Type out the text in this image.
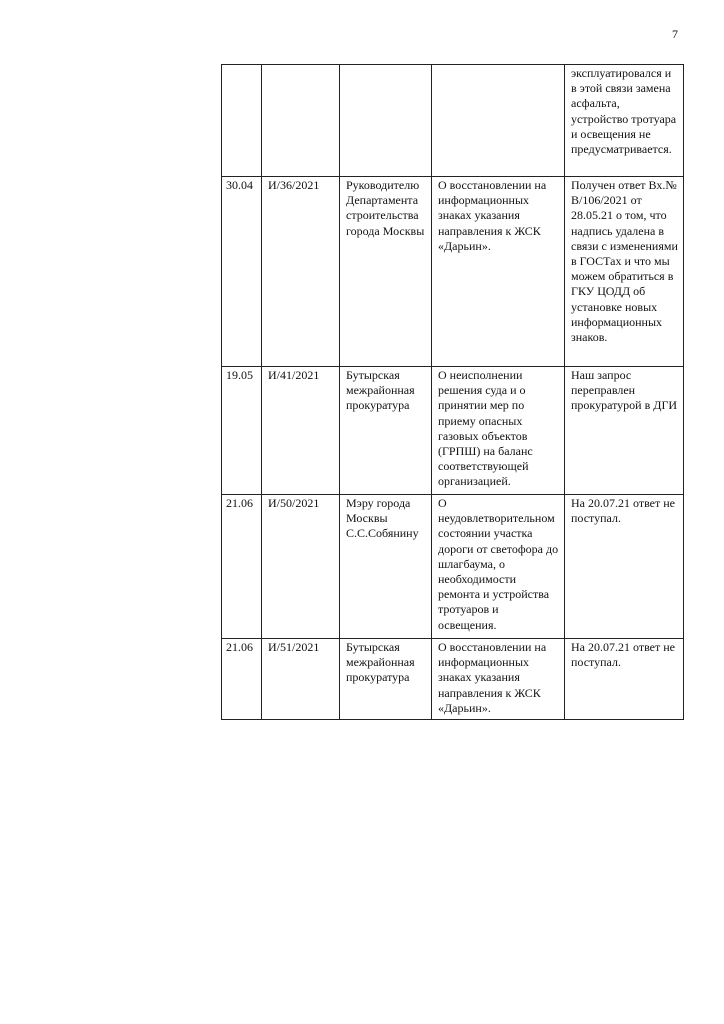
7
				эксплуатировался и в этой связи замена асфальта, устройство тротуара и освещения не предусматривается.
30.04	И/36/2021	Руководителю Департамента строительства города Москвы	О восстановлении на информационных знаках указания направления к ЖСК «Дарьин».	Получен ответ Вх.№ В/106/2021 от 28.05.21 о том, что надпись удалена в связи с изменениями в ГОСТах и что мы можем обратиться в ГКУ ЦОДД об установке новых информационных знаков.
19.05	И/41/2021	Бутырская межрайонная прокуратура	О неисполнении решения суда и о принятии мер по приему опасных газовых объектов (ГРПШ) на баланс соответствующей организацией.	Наш запрос переправлен прокуратурой в ДГИ
21.06	И/50/2021	Мэру города Москвы С.С.Собянину	О неудовлетворительном состоянии участка дороги от светофора до шлагбаума, о необходимости ремонта и устройства тротуаров и освещения.	На 20.07.21 ответ не поступал.
21.06	И/51/2021	Бутырская межрайонная прокуратура	О восстановлении на информационных знаках указания направления к ЖСК «Дарьин».	На 20.07.21 ответ не поступал.
